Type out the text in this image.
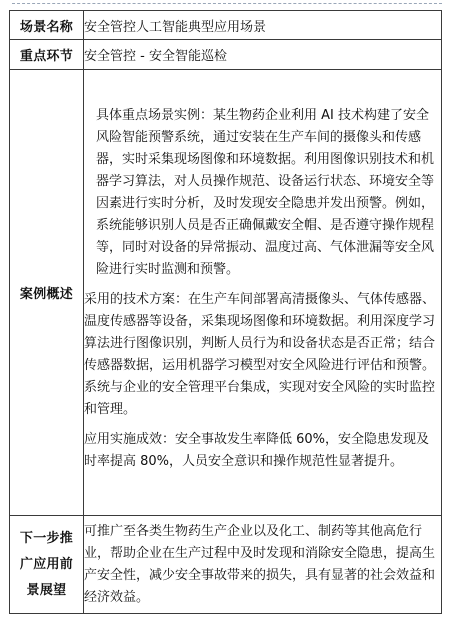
场景名称	安全管控人工智能典型应用场景
重点环节	安全管控 - 安全智能巡检
案例概述	具体重点场景实例：某生物药企业利用 AI 技术构建了安全风险智能预警系统，通过安装在生产车间的摄像头和传感器，实时采集现场图像和环境数据。利用图像识别技术和机器学习算法，对人员操作规范、设备运行状态、环境安全等因素进行实时分析，及时发现安全隐患并发出预警。例如，系统能够识别人员是否正确佩戴安全帽、是否遵守操作规程等，同时对设备的异常振动、温度过高、气体泄漏等安全风险进行实时监测和预警。

采用的技术方案：在生产车间部署高清摄像头、气体传感器、温度传感器等设备，采集现场图像和环境数据。利用深度学习算法进行图像识别，判断人员行为和设备状态是否正常；结合传感器数据，运用机器学习模型对安全风险进行评估和预警。系统与企业的安全管理平台集成，实现对安全风险的实时监控和管理。

应用实施成效：安全事故发生率降低 60%，安全隐患发现及时率提高 80%，人员安全意识和操作规范性显著提升。

下一步推
广应用前
景展望	可推广至各类生物药生产企业以及化工、制药等其他高危行业，帮助企业在生产过程中及时发现和消除安全隐患，提高生产安全性，减少安全事故带来的损失，具有显著的社会效益和经济效益。
